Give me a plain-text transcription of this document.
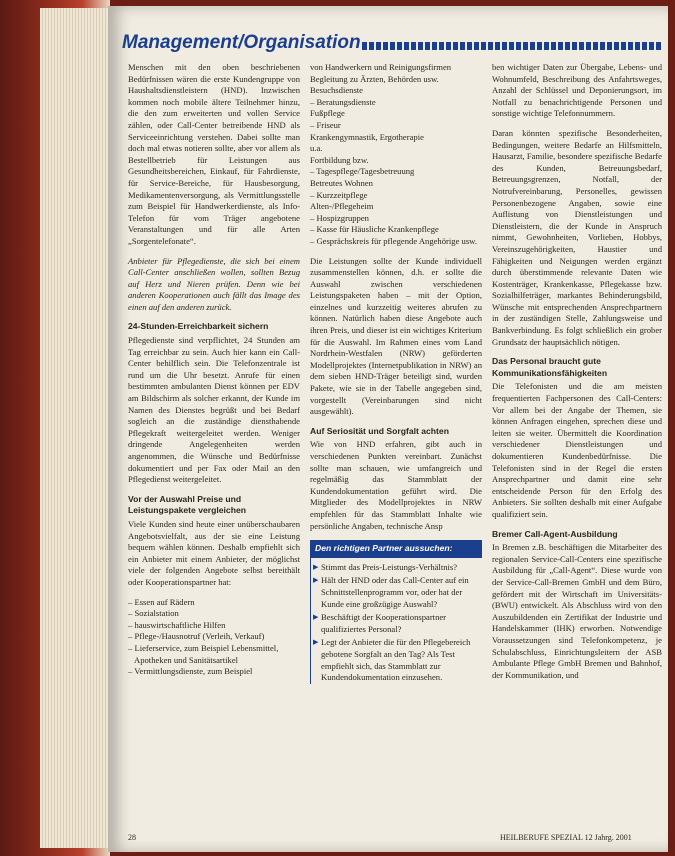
Management/Organisation

Menschen mit den oben beschriebenen Bedürfnissen wären die erste Kundengruppe von Haushaltsdienstleistern (HND). Inzwischen kommen noch mobile ältere Teilnehmer hinzu, die den zum erweiterten und vollen Service zählen, oder Call-Center betreibende HND als Serviceeinrichtung verstehen. Dabei sollte man doch mal etwas notieren sollte, aber vor allem als Bestellbetrieb für Leistungen aus Gesundheitsbereichen, Einkauf, für Fahrdienste, für Service-Bereiche, für Hausbesorgung, Medikamentenversorgung, als Vermittlungsstelle zum Beispiel für Handwerkerdienste, als Info-Telefon für vom Träger angebotene Veranstaltungen und für alle Arten „Sorgentelefonate“.

Anbieter für Pflegedienste, die sich bei einem Call-Center anschließen wollen, sollten Bezug auf Herz und Nieren prüfen. Denn wie bei anderen Kooperationen auch fällt das Image des einen auf den anderen zurück.

24-Stunden-Erreichbarkeit sichern

Pflegedienste sind verpflichtet, 24 Stunden am Tag erreichbar zu sein. Auch hier kann ein Call-Center behilflich sein. Die Telefonzentrale ist rund um die Uhr besetzt. Anrufe für einen bestimmten ambulanten Dienst können per EDV am Bildschirm als solcher erkannt, der Kunde im Namen des Dienstes begrüßt und bei Bedarf sogleich an die zuständige diensthabende Pflegekraft weitergeleitet werden. Weniger dringende Angelegenheiten werden angenommen, die Wünsche und Bedürfnisse dokumentiert und per Fax oder Mail an den Pflegedienst weitergeleitet.

Vor der Auswahl Preise und Leistungspakete vergleichen

Viele Kunden sind heute einer unüberschaubaren Angebotsvielfalt, aus der sie eine Leistung bequem wählen können. Deshalb empfiehlt sich ein Anbieter mit einem Anbieter, der möglichst viele der folgenden Angebote selbst bereithält oder Kooperationspartner hat:

– Essen auf Rädern
– Sozialstation
– hauswirtschaftliche Hilfen
– Pflege-/Hausnotruf (Verleih, Verkauf)
– Lieferservice, zum Beispiel Lebensmittel, Apotheken und Sanitätsartikel
– Vermittlungsdienste, zum Beispiel
von Handwerkern und Reinigungsfirmen
Begleitung zu Ärzten, Behörden usw.
Besuchsdienste
– Beratungsdienste
Fußpflege
– Friseur
Krankengymnastik, Ergotherapie
u.a.
Fortbildung bzw.
– Tagespflege/Tagesbetreuung
Betreutes Wohnen
– Kurzzeitpflege
Alten-/Pflegeheim
– Hospizgruppen
– Kasse für Häusliche Krankenpflege
– Gesprächskreis für pflegende Angehörige usw.

Die Leistungen sollte der Kunde individuell zusammenstellen können, d.h. er sollte die Auswahl zwischen verschiedenen Leistungspaketen haben – mit der Option, einzelnes und kurzzeitig weiteres abrufen zu können. Natürlich haben diese Angebote auch ihren Preis, und dieser ist ein wichtiges Kriterium für die Auswahl. Im Rahmen eines vom Land Nordrhein-Westfalen (NRW) geförderten Modellprojektes (Internetpublikation in NRW) an dem sieben HND-Träger beteiligt sind, wurden Pakete, wie sie in der Tabelle angegeben sind, vorgestellt (Vereinbarungen sind nicht ausgewählt).

Auf Seriosität und Sorgfalt achten

Wie von HND erfahren, gibt auch in verschiedenen Punkten vereinbart. Zunächst sollte man schauen, wie umfangreich und regelmäßig das Stammblatt der Kundendokumentation geführt wird. Die Mitglieder des Modellprojektes in NRW empfehlen für das Stammblatt Inhalte wie persönliche Angaben, technische Ansp

Den richtigen Partner aussuchen:
▶ Stimmt das Preis-Leistungs-Verhältnis?
▶ Hält der HND oder das Call-Center auf ein Schnittstellenprogramm vor, oder hat der Kunde eine großzügige Auswahl?
▶ Beschäftigt der Kooperationspartner qualifiziertes Personal?
▶ Legt der Anbieter die für den Pflegebereich gebotene Sorgfalt an den Tag? Als Test empfiehlt sich, das Stammblatt zur Kundendokumentation einzusehen.

ben wichtiger Daten zur Übergabe, Lebens- und Wohnumfeld, Beschreibung des Anfahrtsweges, Anzahl der Schlüssel und Deponierungsort, im Notfall zu benachrichtigende Personen und sonstige wichtige Telefonnummern.

Daran könnten spezifische Besonderheiten, Bedingungen, weitere Bedarfe an Hilfsmitteln, Hausarzt, Familie, besondere spezifische Bedarfe des Kunden, Betreuungsbedarf, Betreuungsgrenzen, Notfall, der Notrufvereinbarung, Personelles, gewissen Personenbezogene Angaben, sowie eine Auflistung von Dienstleistungen und Dienstleistern, die der Kunde in Anspruch nimmt, Gewohnheiten, Vorlieben, Hobbys, Vereinszugehörigkeiten, Haustier und Fähigkeiten und Neigungen werden ergänzt durch überstimmende relevante Daten wie Kostenträger, Krankenkasse, Pflegekasse bzw. Sozialhilfeträger, markantes Behinderungsbild, Wünsche mit entsprechenden Ansprechpartnern in der zuständigen Stelle, Zahlungsweise und Bankverbindung. Es folgt schließlich ein grober Grundsatz der hauptsächlich nötigen.

Das Personal braucht gute Kommunikationsfähigkeiten

Die Telefonisten und die am meisten frequentierten Fachpersonen des Call-Centers: Vor allem bei der Angabe der Themen, sie können Anfragen eingehen, sprechen diese und leiten sie weiter. Übermittelt die Koordination verschiedener Dienstleistungen und dokumentieren Kundenbedürfnisse. Die Telefonisten sind in der Regel die ersten Ansprechpartner und damit eine sehr entscheidende Person für den Erfolg des Anbieters. Sie sollten deshalb mit einer Aufgabe qualifiziert sein.

Bremer Call-Agent-Ausbildung

In Bremen z.B. beschäftigen die Mitarbeiter des regionalen Service-Call-Centers eine spezifische Ausbildung für „Call-Agent“. Diese wurde von der Service-Call-Bremen GmbH und dem Büro, gefördert mit der Wirtschaft im Universitäts-(BWU) entwickelt. Als Abschluss wird von den Auszubildenden ein Zertifikat der Industrie und Handelskammer (IHK) erworben. Notwendige Voraussetzungen sind Telefonkompetenz, je Schulabschluss, Einrichtungsleitern der ASB Ambulante Pflege GmbH Bremen und Bahnhof, der Kommunikation, und

28	HEILBERUFE SPEZIAL 12 Jahrg. 2001
